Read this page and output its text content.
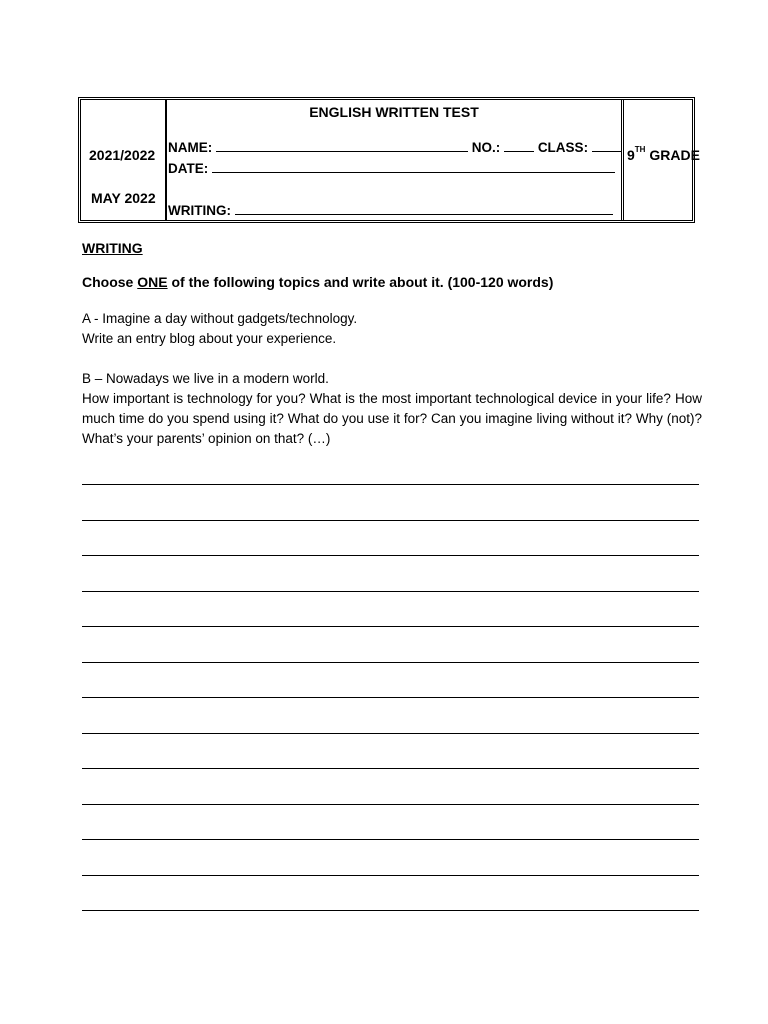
2021/2022
MAY 2022
ENGLISH WRITTEN TEST
NAME:	NO.:	CLASS:
DATE:
WRITING:
9TH GRADE
WRITING
Choose ONE of the following topics and write about it. (100-120 words)
A - Imagine a day without gadgets/technology.
Write an entry blog about your experience.
B – Nowadays we live in a modern world.
How important is technology for you? What is the most important technological device in your life? How much time do you spend using it? What do you use it for? Can you imagine living without it? Why (not)? What’s your parents’ opinion on that? (…)
